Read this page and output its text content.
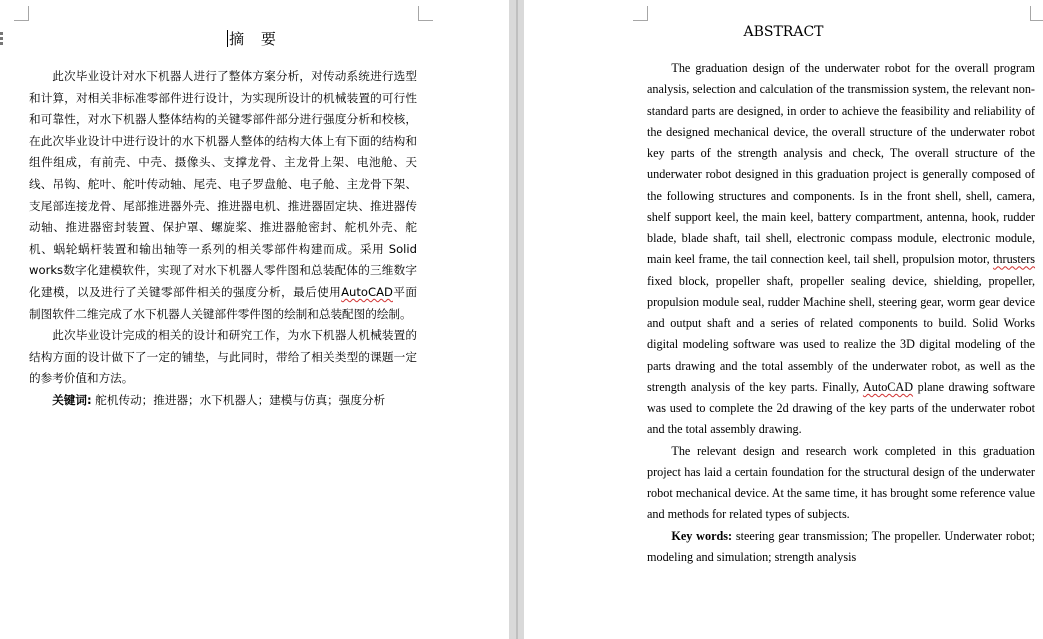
摘 要

此次毕业设计对水下机器人进行了整体方案分析，对传动系统进行选型和计算，对相关非标准零部件进行设计，为实现所设计的机械装置的可行性和可靠性，对水下机器人整体结构的关键零部件部分进行强度分析和校核，在此次毕业设计中进行设计的水下机器人整体的结构大体上有下面的结构和组件组成，有前壳、中壳、摄像头、支撑龙骨、主龙骨上架、电池舱、天线、吊钩、舵叶、舵叶传动轴、尾壳、电子罗盘舱、电子舱、主龙骨下架、支尾部连接龙骨、尾部推进器外壳、推进器电机、推进器固定块、推进器传动轴、推进器密封装置、保护罩、螺旋桨、推进器舱密封、舵机外壳、舵机、蜗轮蜗杆装置和输出轴等一系列的相关零部件构建而成。采用 Solid works数字化建模软件，实现了对水下机器人零件图和总装配体的三维数字化建模，以及进行了关键零部件相关的强度分析，最后使用AutoCAD平面制图软件二维完成了水下机器人关键部件零件图的绘制和总装配图的绘制。

此次毕业设计完成的相关的设计和研究工作，为水下机器人机械装置的结构方面的设计做下了一定的铺垫，与此同时，带给了相关类型的课题一定的参考价值和方法。

关键词: 舵机传动；推进器；水下机器人；建模与仿真；强度分析

ABSTRACT

The graduation design of the underwater robot for the overall program analysis, selection and calculation of the transmission system, the relevant non-standard parts are designed, in order to achieve the feasibility and reliability of the designed mechanical device, the overall structure of the underwater robot key parts of the strength analysis and check, The overall structure of the underwater robot designed in this graduation project is generally composed of the following structures and components. Is in the front shell, shell, camera, shelf support keel, the main keel, battery compartment, antenna, hook, rudder blade, blade shaft, tail shell, electronic compass module, electronic module, main keel frame, the tail connection keel, tail shell, propulsion motor, thrusters fixed block, propeller shaft, propeller sealing device, shielding, propeller, propulsion module seal, rudder Machine shell, steering gear, worm gear device and output shaft and a series of related components to build. Solid Works digital modeling software was used to realize the 3D digital modeling of the parts drawing and the total assembly of the underwater robot, as well as the strength analysis of the key parts. Finally, AutoCAD plane drawing software was used to complete the 2d drawing of the key parts of the underwater robot and the total assembly drawing.

The relevant design and research work completed in this graduation project has laid a certain foundation for the structural design of the underwater robot mechanical device. At the same time, it has brought some reference value and methods for related types of subjects.

Key words: steering gear transmission; The propeller. Underwater robot; modeling and simulation; strength analysis
